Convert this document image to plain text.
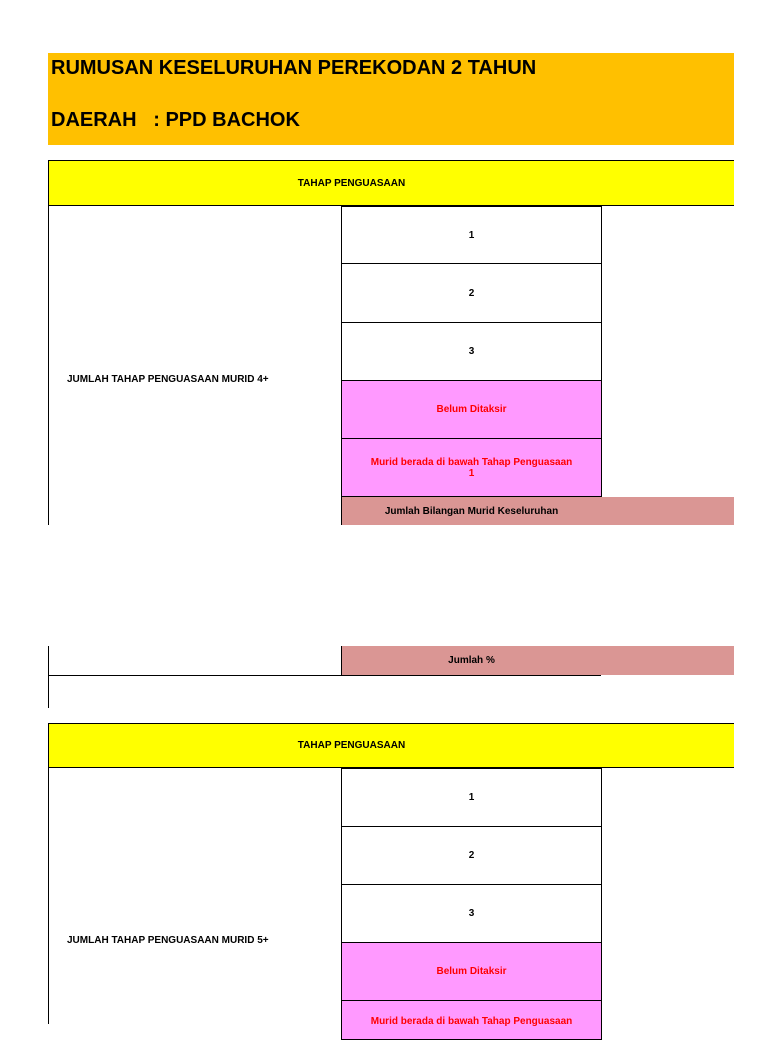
RUMUSAN KESELURUHAN PEREKODAN 2 TAHUN
DAERAH   : PPD BACHOK
TAHAP PENGUASAAN
JUMLAH TAHAP PENGUASAAN MURID 4+
1
2
3
Belum Ditaksir
Murid berada di bawah Tahap Penguasaan
1
Jumlah Bilangan Murid Keseluruhan
Jumlah %
TAHAP PENGUASAAN
JUMLAH TAHAP PENGUASAAN MURID 5+
1
2
3
Belum Ditaksir
Murid berada di bawah Tahap Penguasaan
